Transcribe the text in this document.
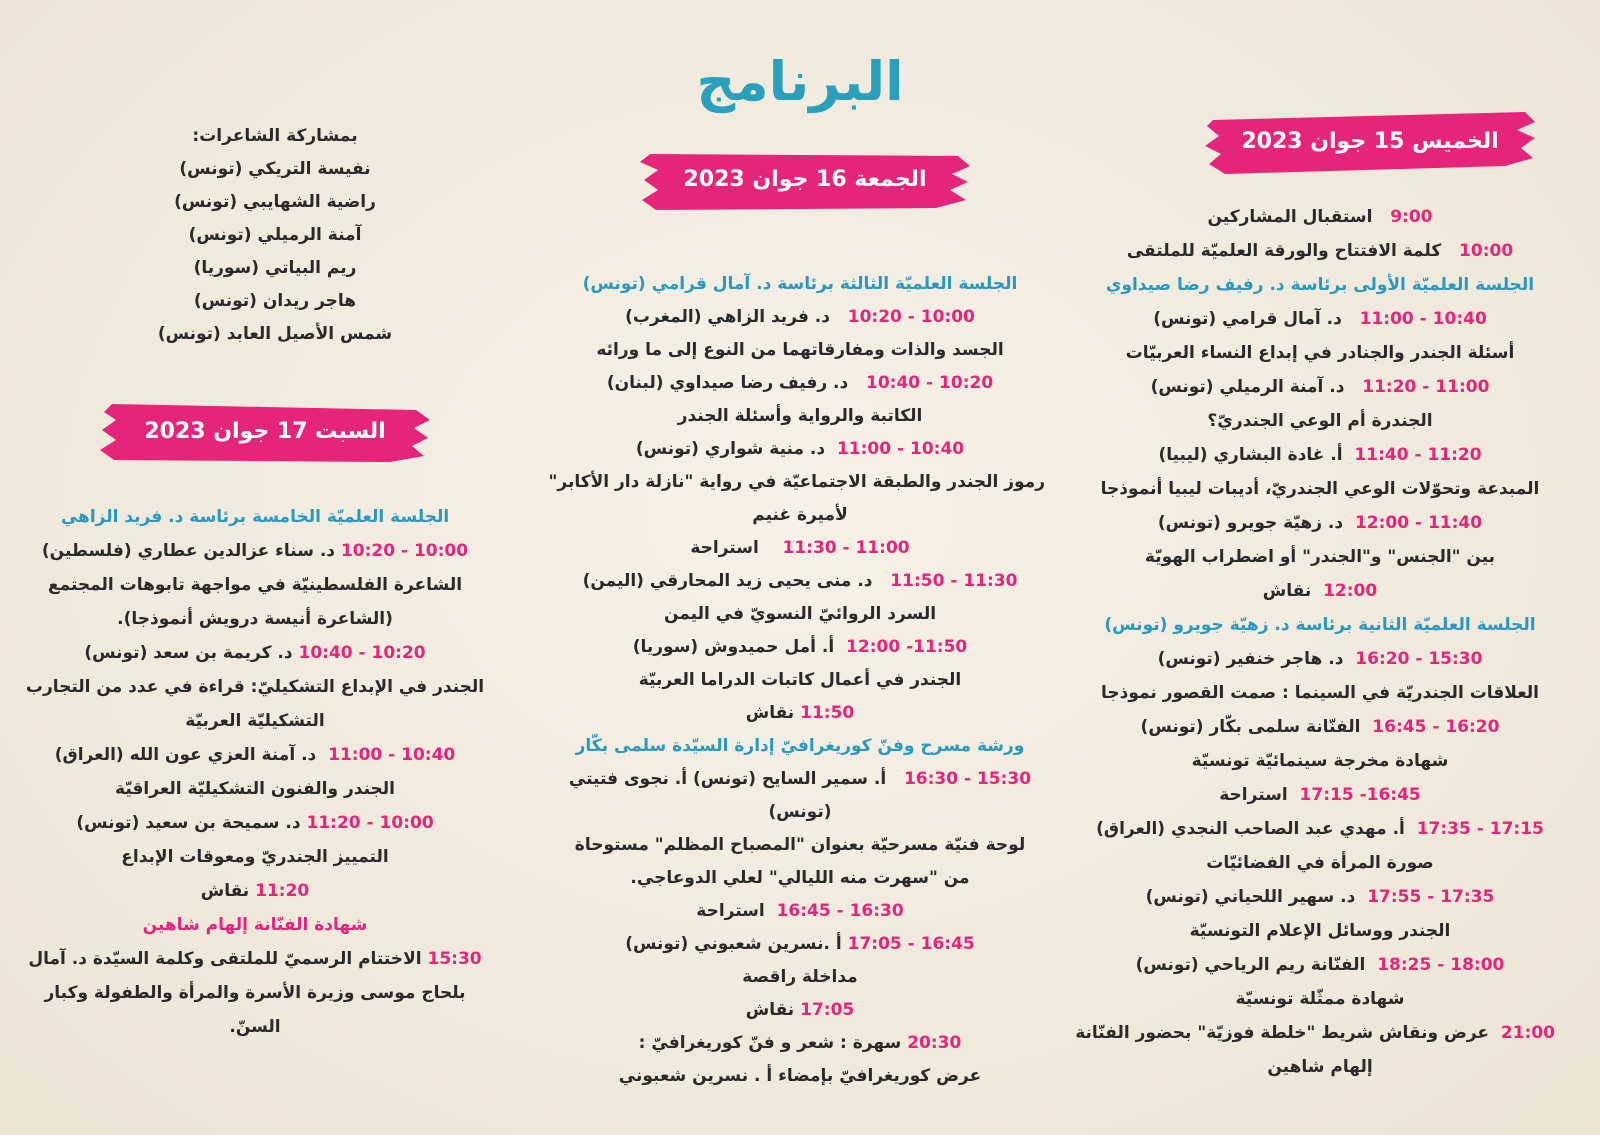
البرنامج
بمشاركة الشاعرات:
نفيسة التريكي (تونس)
راضية الشهايبي (تونس)
آمنة الرميلي (تونس)
ريم البياتي (سوريا)
هاجر ريدان (تونس)
شمس الأصيل العابد (تونس)
الخميس 15 جوان 2023
الجمعة 16 جوان 2023
السبت 17 جوان 2023
9:00   استقبال المشاركين
10:00   كلمة الافتتاح والورقة العلميّة للملتقى
الجلسة العلميّة الأولى برئاسة د. رفيف رضا صيداوي
10:40 - 11:00   د. آمال قرامي (تونس)
أسئلة الجندر والجنادر في إبداع النساء العربيّات
11:00 - 11:20   د. آمنة الرميلي (تونس)
الجندرة أم الوعي الجندريّ؟
11:20 - 11:40  أ. غادة البشاري (ليبيا)
المبدعة وتحوّلات الوعي الجندريّ، أديبات ليبيا أنموذجا
11:40 - 12:00  د. زهيّة جويرو (تونس)
بين "الجنس" و"الجندر" أو اضطراب الهويّة
12:00  نقاش
الجلسة العلميّة الثانية برئاسة د. زهيّة جويرو (تونس)
15:30 - 16:20  د. هاجر خنفير (تونس)
العلاقات الجندريّة في السينما : صمت القصور نموذجا
16:20 - 16:45  الفنّانة سلمى بكّار (تونس)
شهادة مخرجة سينمائيّة تونسيّة
16:45- 17:15  استراحة
17:15 - 17:35  أ. مهدي عبد الصاحب النجدي (العراق)
صورة المرأة في الفضائيّات
17:35 - 17:55  د. سهير اللحياني (تونس)
الجندر ووسائل الإعلام التونسيّة
18:00 - 18:25  الفنّانة ريم الرياحي (تونس)
شهادة ممثّلة تونسيّة
21:00  عرض ونقاش شريط "خلطة فوزيّة" بحضور الفنّانة
إلهام شاهين
الجلسة العلميّة الثالثة برئاسة د. آمال قرامي (تونس)
10:00 - 10:20   د. فريد الزاهي (المغرب)
الجسد والذات ومفارقاتهما من النوع إلى ما ورائه
10:20 - 10:40   د. رفيف رضا صيداوي (لبنان)
الكاتبة والرواية وأسئلة الجندر
10:40 - 11:00  د. منية شواري (تونس)
رموز الجندر والطبقة الاجتماعيّة في رواية "نازلة دار الأكابر"
لأميرة غنيم
11:00 - 11:30    استراحة
11:30 - 11:50   د. منى يحيى زيد المحارقي (اليمن)
السرد الروائيّ النسويّ في اليمن
11:50- 12:00  أ. أمل حميدوش (سوريا)
الجندر في أعمال كاتبات الدراما العربيّة
11:50 نقاش
ورشة مسرح وفنّ كوريغرافيّ إدارة السيّدة سلمى بكّار
15:30 - 16:30   أ. سمير السايح (تونس) أ. نجوى فتيتي
(تونس)
لوحة فنيّة مسرحيّة بعنوان "المصباح المظلم" مستوحاة
من "سهرت منه الليالي" لعلي الدوعاجي.
16:30 - 16:45  استراحة
16:45 - 17:05 أ .نسرين شعبوني (تونس)
مداخلة راقصة
17:05 نقاش
20:30 سهرة : شعر و فنّ كوريغرافيّ :
عرض كوريغرافيّ بإمضاء أ . نسرين شعبوني
الجلسة العلميّة الخامسة برئاسة د. فريد الزاهي
10:00 - 10:20 د. سناء عزالدين عطاري (فلسطين)
الشاعرة الفلسطينيّة في مواجهة تابوهات المجتمع
(الشاعرة أنيسة درويش أنموذجا).
10:20 - 10:40 د. كريمة بن سعد (تونس)
الجندر في الإبداع التشكيليّ: قراءة في عدد من التجارب
التشكيليّة العربيّة
10:40 - 11:00  د. آمنة العزي عون الله (العراق)
الجندر والفنون التشكيليّة العراقيّة
10:00 - 11:20 د. سميحة بن سعيد (تونس)
التمييز الجندريّ ومعوقات الإبداع
11:20 نقاش
شهادة الفنّانة إلهام شاهين
15:30 الاختتام الرسميّ للملتقى وكلمة السيّدة د. آمال
بلحاج موسى وزيرة الأسرة والمرأة والطفولة وكبار
السنّ.
